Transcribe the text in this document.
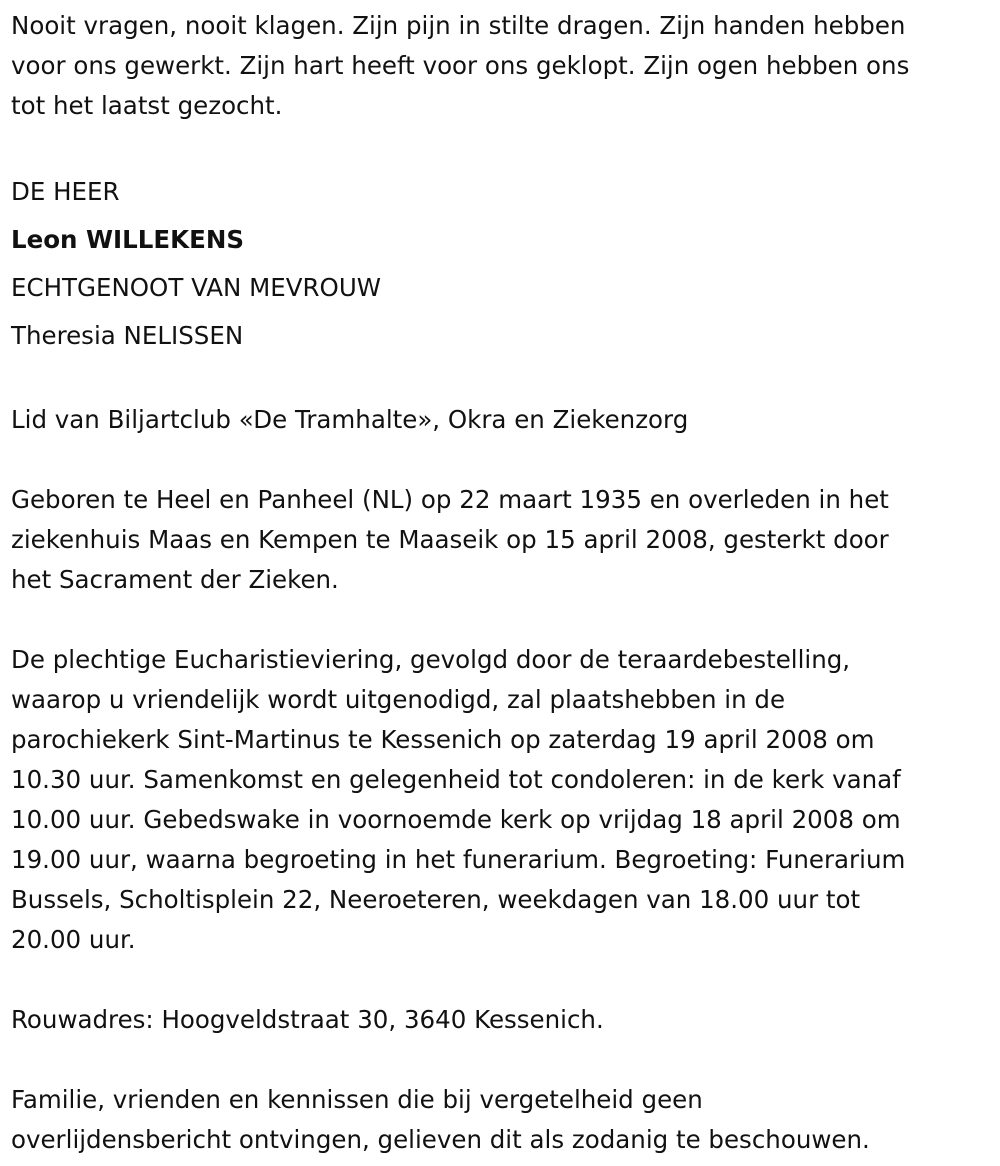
Nooit vragen, nooit klagen. Zijn pijn in stilte dragen. Zijn handen hebben

voor ons gewerkt. Zijn hart heeft voor ons geklopt. Zijn ogen hebben ons

tot het laatst gezocht.

DE HEER

Leon WILLEKENS

ECHTGENOOT VAN MEVROUW

Theresia NELISSEN

Lid van Biljartclub «De Tramhalte», Okra en Ziekenzorg

Geboren te Heel en Panheel (NL) op 22 maart 1935 en overleden in het

ziekenhuis Maas en Kempen te Maaseik op 15 april 2008, gesterkt door

het Sacrament der Zieken.

De plechtige Eucharistieviering, gevolgd door de teraardebestelling,

waarop u vriendelijk wordt uitgenodigd, zal plaatshebben in de

parochiekerk Sint-Martinus te Kessenich op zaterdag 19 april 2008 om

10.30 uur. Samenkomst en gelegenheid tot condoleren: in de kerk vanaf

10.00 uur. Gebedswake in voornoemde kerk op vrijdag 18 april 2008 om

19.00 uur, waarna begroeting in het funerarium. Begroeting: Funerarium

Bussels, Scholtisplein 22, Neeroeteren, weekdagen van 18.00 uur tot

20.00 uur.

Rouwadres: Hoogveldstraat 30, 3640 Kessenich.

Familie, vrienden en kennissen die bij vergetelheid geen

overlijdensbericht ontvingen, gelieven dit als zodanig te beschouwen.
